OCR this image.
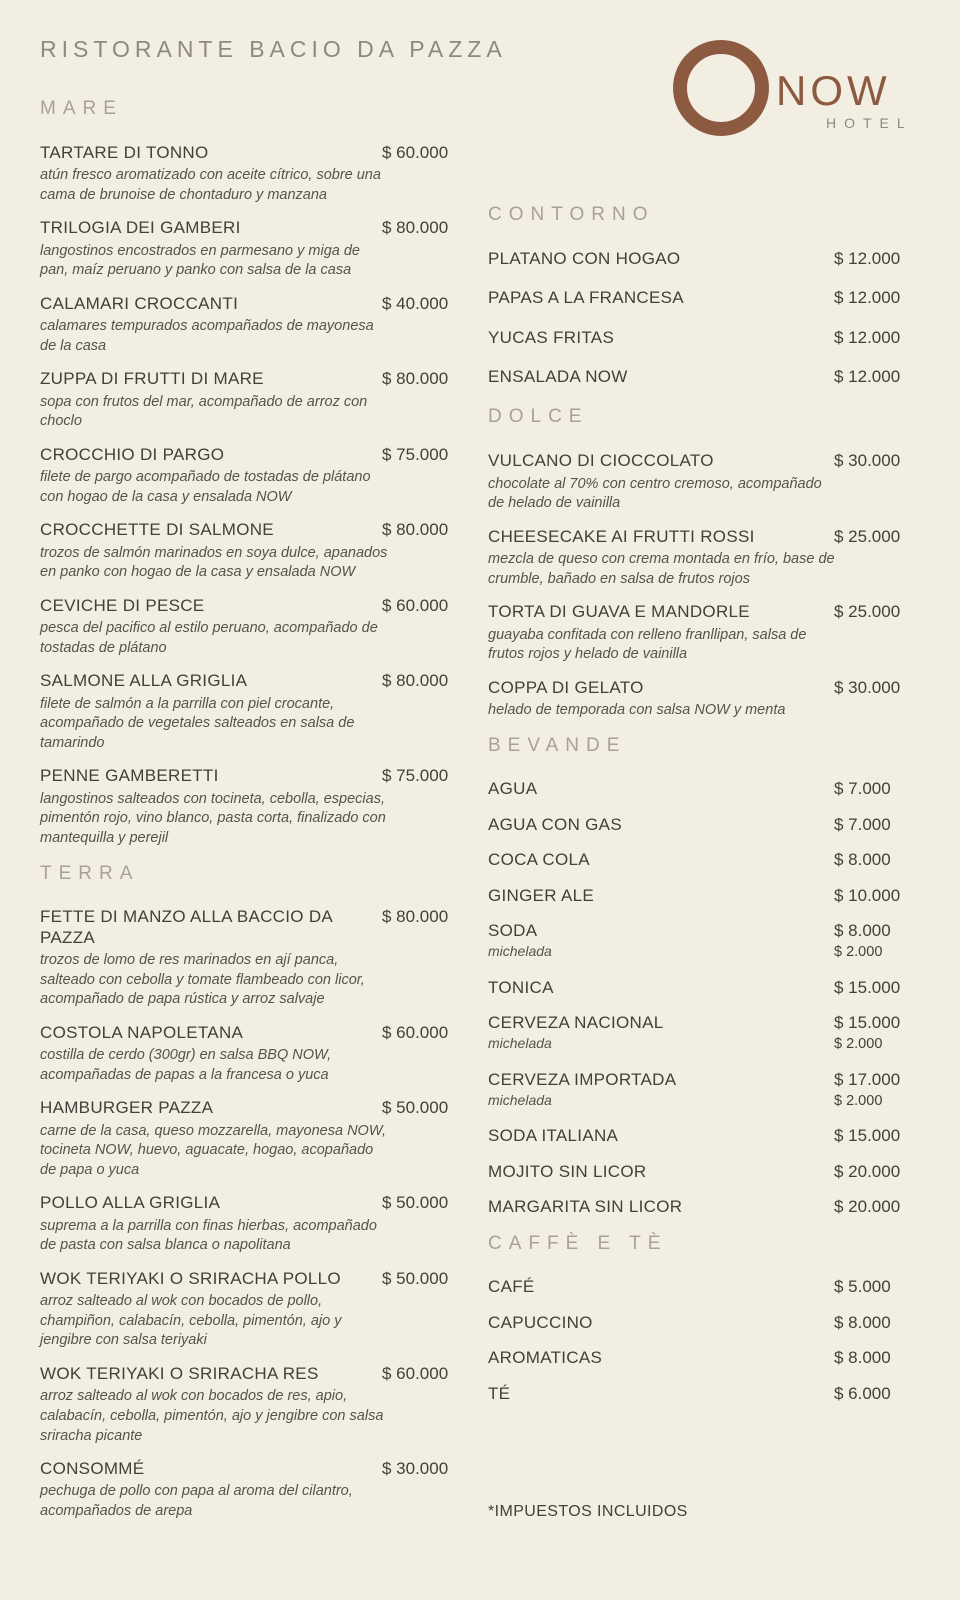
RISTORANTE BACIO DA PAZZA
NOW
HOTEL
MARE
TARTARE DI TONNO	$ 60.000

atún fresco aromatizado con aceite cítrico, sobre una cama de brunoise de chontaduro y manzana

TRILOGIA DEI GAMBERI	$ 80.000

langostinos encostrados en parmesano y miga de pan, maíz peruano y panko con salsa de la casa

CALAMARI CROCCANTI	$ 40.000

calamares tempurados acompañados de mayonesa de la casa

ZUPPA DI FRUTTI DI MARE	$ 80.000

sopa con frutos del mar, acompañado de arroz con choclo

CROCCHIO DI PARGO	$ 75.000

filete de pargo acompañado de tostadas de plátano con hogao de la casa y ensalada NOW

CROCCHETTE DI SALMONE	$ 80.000

trozos de salmón marinados en soya dulce, apanados en panko con hogao de la casa y ensalada NOW

CEVICHE DI PESCE	$ 60.000

pesca del pacifico al estilo peruano, acompañado de tostadas de plátano

SALMONE ALLA GRIGLIA	$ 80.000

filete de salmón a la parrilla con piel crocante, acompañado de vegetales salteados en salsa de tamarindo

PENNE GAMBERETTI	$ 75.000

langostinos salteados con tocineta, cebolla, especias, pimentón rojo, vino blanco, pasta corta, finalizado con mantequilla y perejil

TERRA
FETTE DI MANZO ALLA BACCIO DA PAZZA
$ 80.000

trozos de lomo de res marinados en ají panca, salteado con cebolla y tomate flambeado con licor, acompañado de papa rústica y arroz salvaje

COSTOLA NAPOLETANA	$ 60.000

costilla de cerdo (300gr) en salsa BBQ NOW, acompañadas de papas a la francesa o yuca

HAMBURGER PAZZA	$ 50.000

carne de la casa, queso mozzarella, mayonesa NOW, tocineta NOW, huevo, aguacate, hogao, acopañado de papa o yuca

POLLO ALLA GRIGLIA	$ 50.000

suprema a la parrilla con finas hierbas, acompañado de pasta con salsa blanca o napolitana

WOK TERIYAKI O SRIRACHA POLLO	$ 50.000

arroz salteado al wok con bocados de pollo, champiñon, calabacín, cebolla, pimentón, ajo y jengibre con salsa teriyaki

WOK TERIYAKI O SRIRACHA RES	$ 60.000

arroz salteado al wok con bocados de res, apio, calabacín, cebolla, pimentón, ajo y jengibre con salsa sriracha picante

CONSOMMÉ	$ 30.000

pechuga de pollo con papa al aroma del cilantro, acompañados de arepa

CONTORNO
PLATANO CON HOGAO	$ 12.000
PAPAS A LA FRANCESA	$ 12.000
YUCAS FRITAS	$ 12.000
ENSALADA NOW	$ 12.000
DOLCE
VULCANO DI CIOCCOLATO	$ 30.000

chocolate al 70% con centro cremoso, acompañado de helado de vainilla

CHEESECAKE AI FRUTTI ROSSI	$ 25.000

mezcla de queso con crema montada en frío, base de crumble, bañado en salsa de frutos rojos

TORTA DI GUAVA E MANDORLE	$ 25.000

guayaba confitada con relleno franllipan, salsa de frutos rojos y helado de vainilla

COPPA DI GELATO	$ 30.000

helado de temporada con salsa NOW y menta

BEVANDE
AGUA	$ 7.000
AGUA CON GAS	$ 7.000
COCA COLA	$ 8.000
GINGER ALE	$ 10.000
SODA	$ 8.000
michelada	$ 2.000
TONICA	$ 15.000
CERVEZA NACIONAL	$ 15.000
michelada	$ 2.000
CERVEZA IMPORTADA	$ 17.000
michelada	$ 2.000
SODA ITALIANA	$ 15.000
MOJITO SIN LICOR	$ 20.000
MARGARITA SIN LICOR	$ 20.000
CAFFÈ E TÈ
CAFÉ	$ 5.000
CAPUCCINO	$ 8.000
AROMATICAS	$ 8.000
TÉ	$ 6.000

*IMPUESTOS INCLUIDOS
